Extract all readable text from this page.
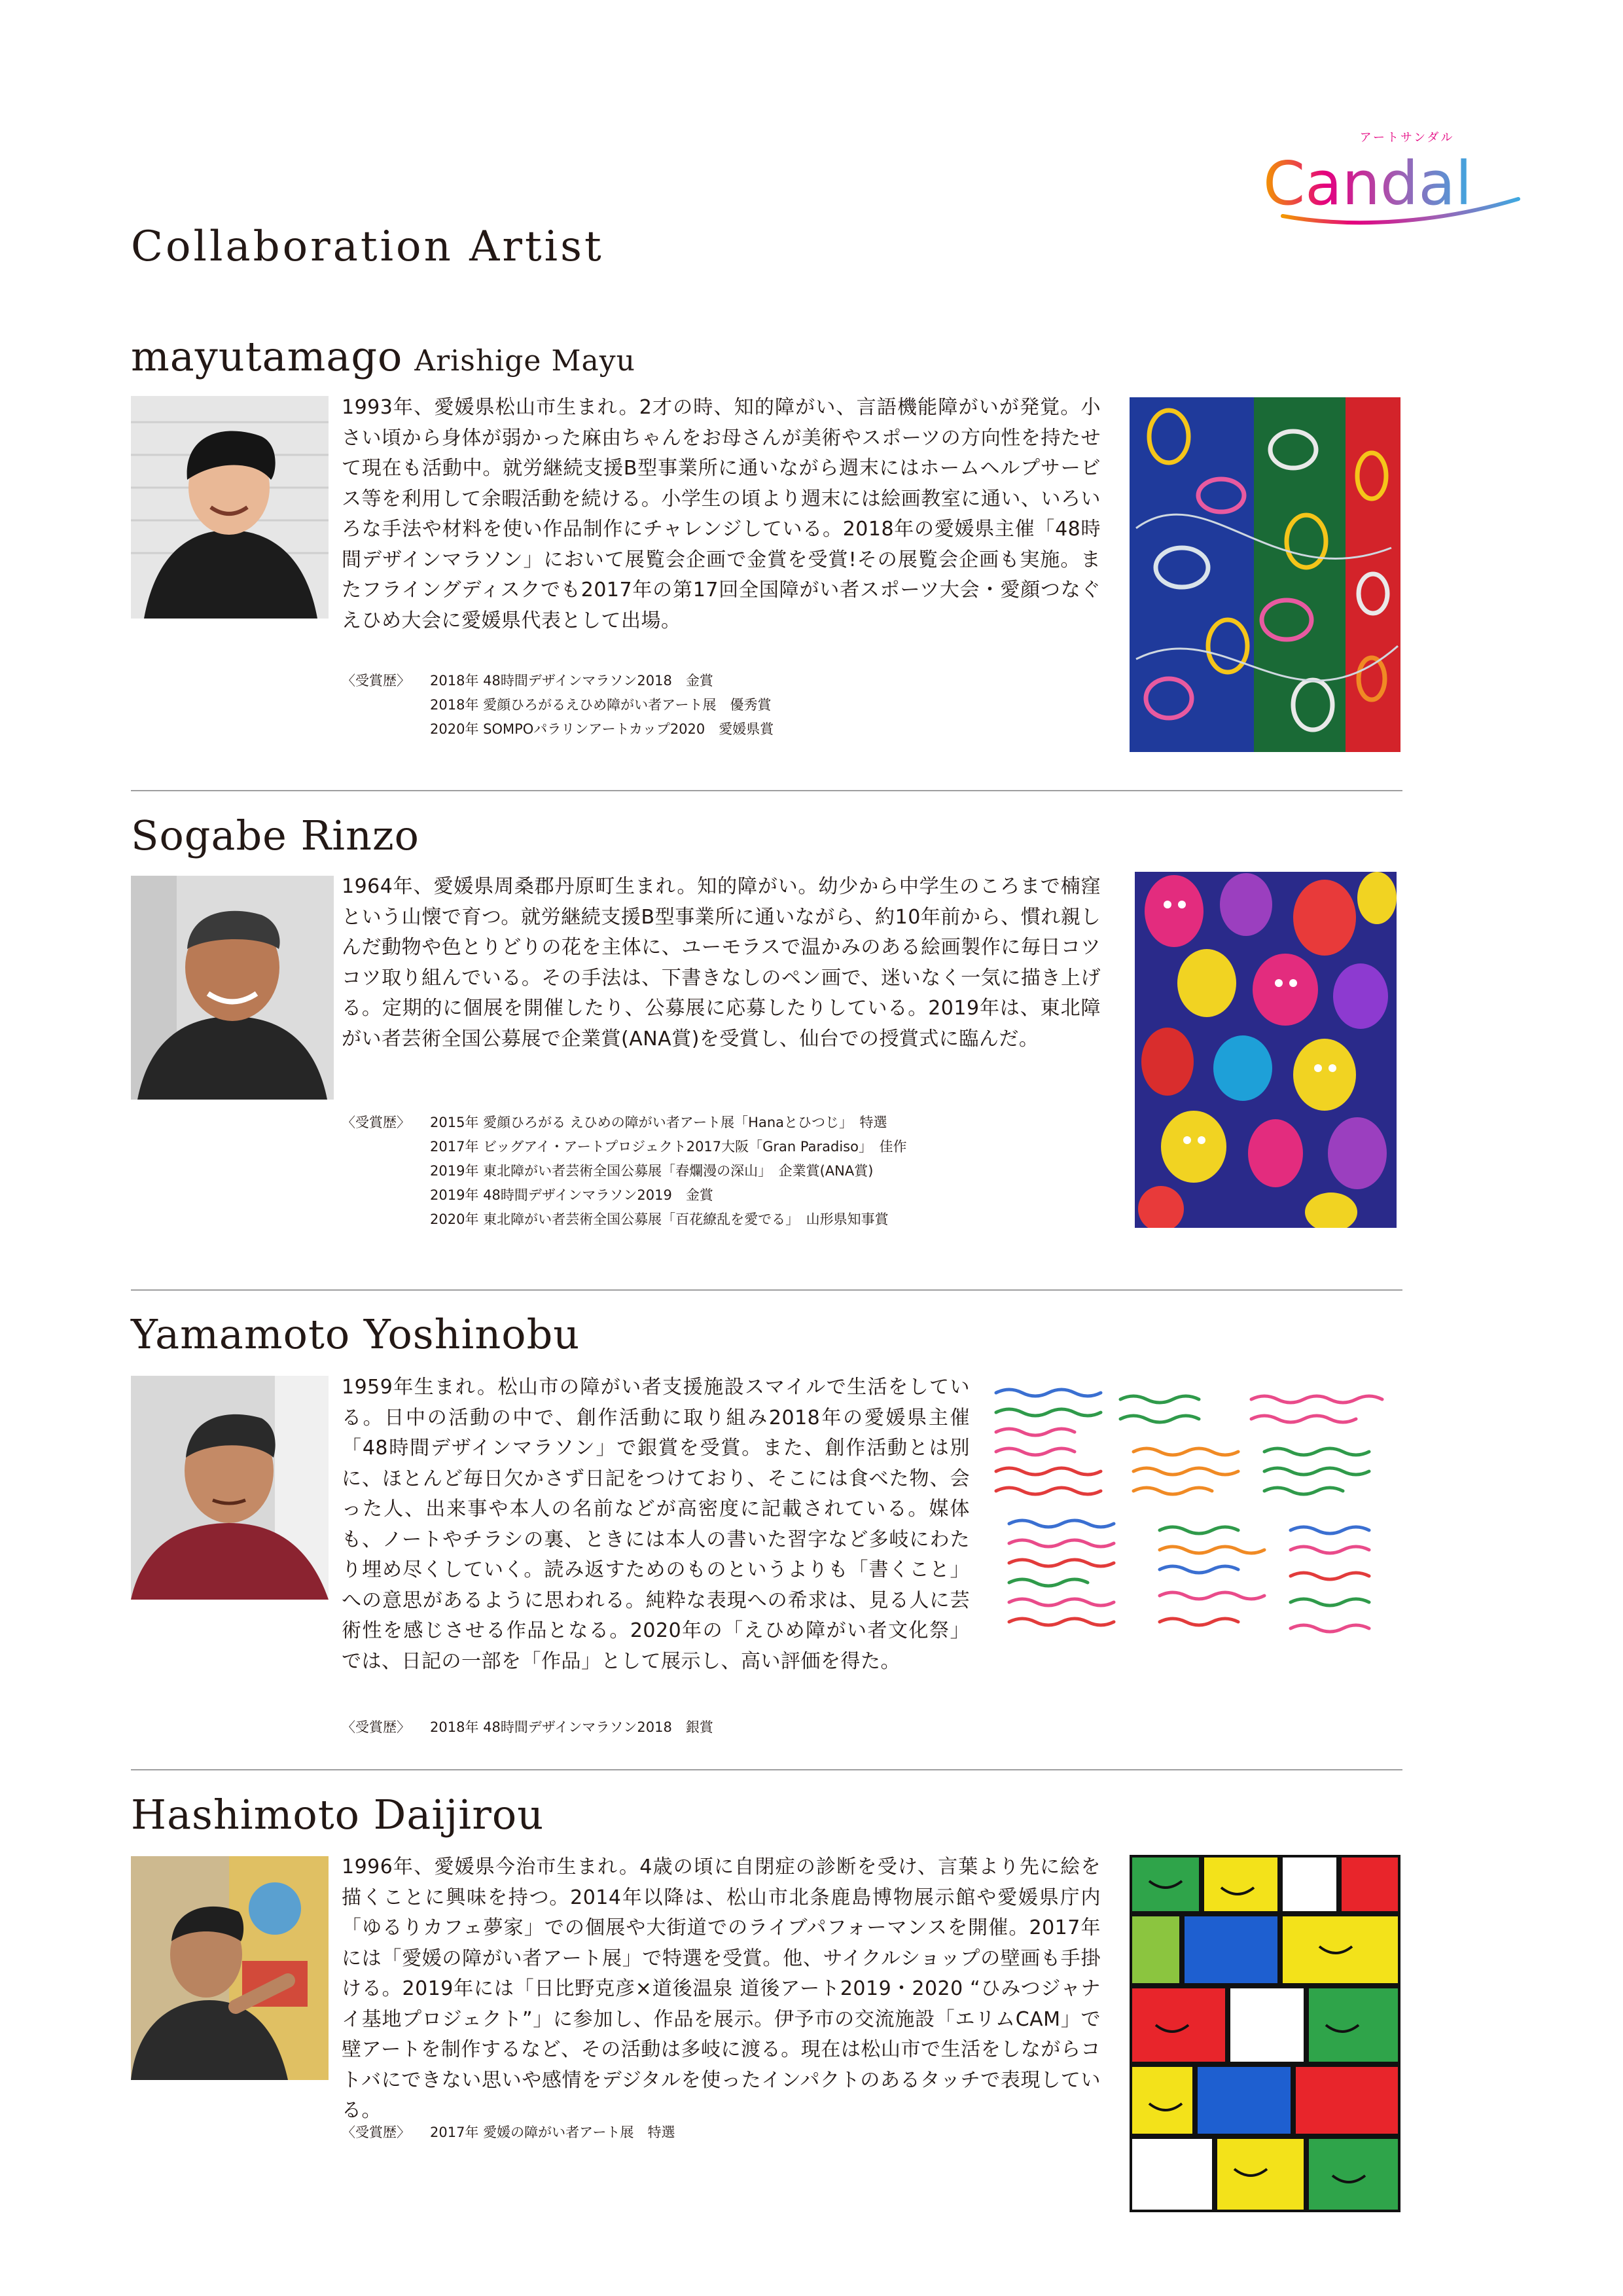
アートサンダル
Candal
Collaboration Artist
mayutamago Arishige Mayu
1993年、愛媛県松山市生まれ。2才の時、知的障がい、言語機能障がいが発覚。小さい頃から身体が弱かった麻由ちゃんをお母さんが美術やスポーツの方向性を持たせて現在も活動中。就労継続支援B型事業所に通いながら週末にはホームヘルプサービス等を利用して余暇活動を続ける。小学生の頃より週末には絵画教室に通い、いろいろな手法や材料を使い作品制作にチャレンジしている。2018年の愛媛県主催「48時間デザインマラソン」において展覧会企画で金賞を受賞!その展覧会企画も実施。またフライングディスクでも2017年の第17回全国障がい者スポーツ大会・愛顔つなぐえひめ大会に愛媛県代表として出場。
〈受賞歴〉 2018年 48時間デザインマラソン2018　金賞
2018年 愛顔ひろがるえひめ障がい者アート展　優秀賞
2020年 SOMPOパラリンアートカップ2020　愛媛県賞
Sogabe Rinzo
1964年、愛媛県周桑郡丹原町生まれ。知的障がい。幼少から中学生のころまで楠窪という山懐で育つ。就労継続支援B型事業所に通いながら、約10年前から、慣れ親しんだ動物や色とりどりの花を主体に、ユーモラスで温かみのある絵画製作に毎日コツコツ取り組んでいる。その手法は、下書きなしのペン画で、迷いなく一気に描き上げる。定期的に個展を開催したり、公募展に応募したりしている。2019年は、東北障がい者芸術全国公募展で企業賞(ANA賞)を受賞し、仙台での授賞式に臨んだ。
〈受賞歴〉 2015年 愛顔ひろがる えひめの障がい者アート展「Hanaとひつじ」　特選
2017年 ビッグアイ・アートプロジェクト2017大阪「Gran Paradiso」　佳作
2019年 東北障がい者芸術全国公募展「春爛漫の深山」　企業賞(ANA賞)
2019年 48時間デザインマラソン2019　金賞
2020年 東北障がい者芸術全国公募展「百花繚乱を愛でる」　山形県知事賞
Yamamoto Yoshinobu
1959年生まれ。松山市の障がい者支援施設スマイルで生活をしている。日中の活動の中で、創作活動に取り組み2018年の愛媛県主催「48時間デザインマラソン」で銀賞を受賞。また、創作活動とは別に、ほとんど毎日欠かさず日記をつけており、そこには食べた物、会った人、出来事や本人の名前などが高密度に記載されている。媒体も、ノートやチラシの裏、ときには本人の書いた習字など多岐にわたり埋め尽くしていく。読み返すためのものというよりも「書くこと」への意思があるように思われる。純粋な表現への希求は、見る人に芸術性を感じさせる作品となる。2020年の「えひめ障がい者文化祭」では、日記の一部を「作品」として展示し、高い評価を得た。
〈受賞歴〉 2018年 48時間デザインマラソン2018　銀賞
Hashimoto Daijirou
1996年、愛媛県今治市生まれ。4歳の頃に自閉症の診断を受け、言葉より先に絵を描くことに興味を持つ。2014年以降は、松山市北条鹿島博物展示館や愛媛県庁内「ゆるりカフェ夢家」での個展や大街道でのライブパフォーマンスを開催。2017年には「愛媛の障がい者アート展」で特選を受賞。他、サイクルショップの壁画も手掛ける。2019年には「日比野克彦×道後温泉 道後アート2019・2020 “ひみつジャナイ基地プロジェクト”」に参加し、作品を展示。伊予市の交流施設「エリムCAM」で壁アートを制作するなど、その活動は多岐に渡る。現在は松山市で生活をしながらコトバにできない思いや感情をデジタルを使ったインパクトのあるタッチで表現している。
〈受賞歴〉 2017年 愛媛の障がい者アート展　特選
